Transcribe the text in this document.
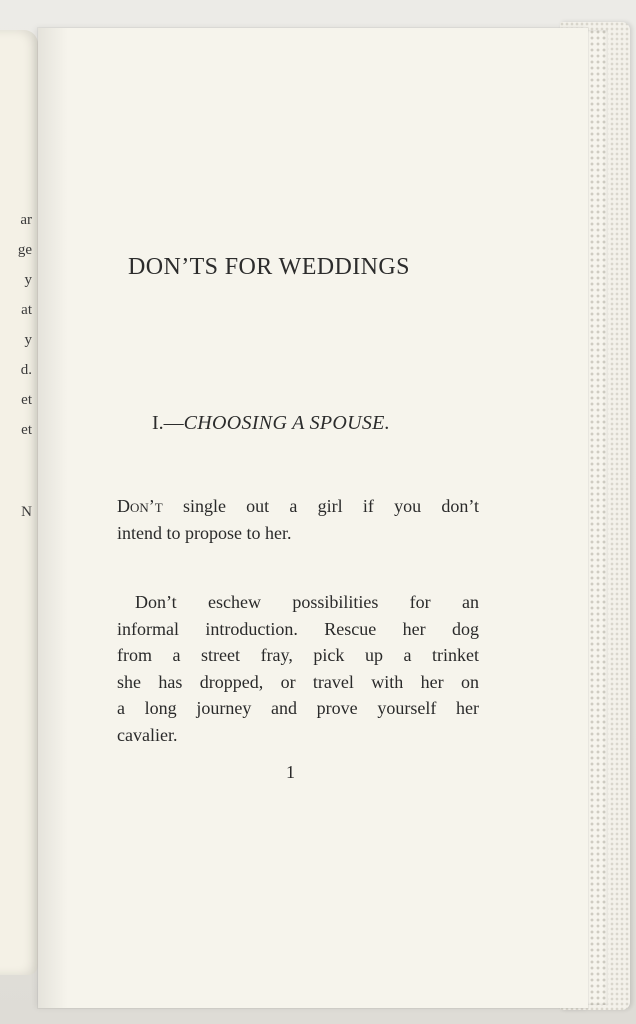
ar
ge
y
at
y
d.
et
et
N
DON’TS FOR WEDDINGS
I.—CHOOSING A SPOUSE.
Don’t single out a girl if you don’t
intend to propose to her.
Don’t eschew possibilities for an
informal introduction. Rescue her dog
from a street fray, pick up a trinket
she has dropped, or travel with her on
a long journey and prove yourself her
cavalier.
1
